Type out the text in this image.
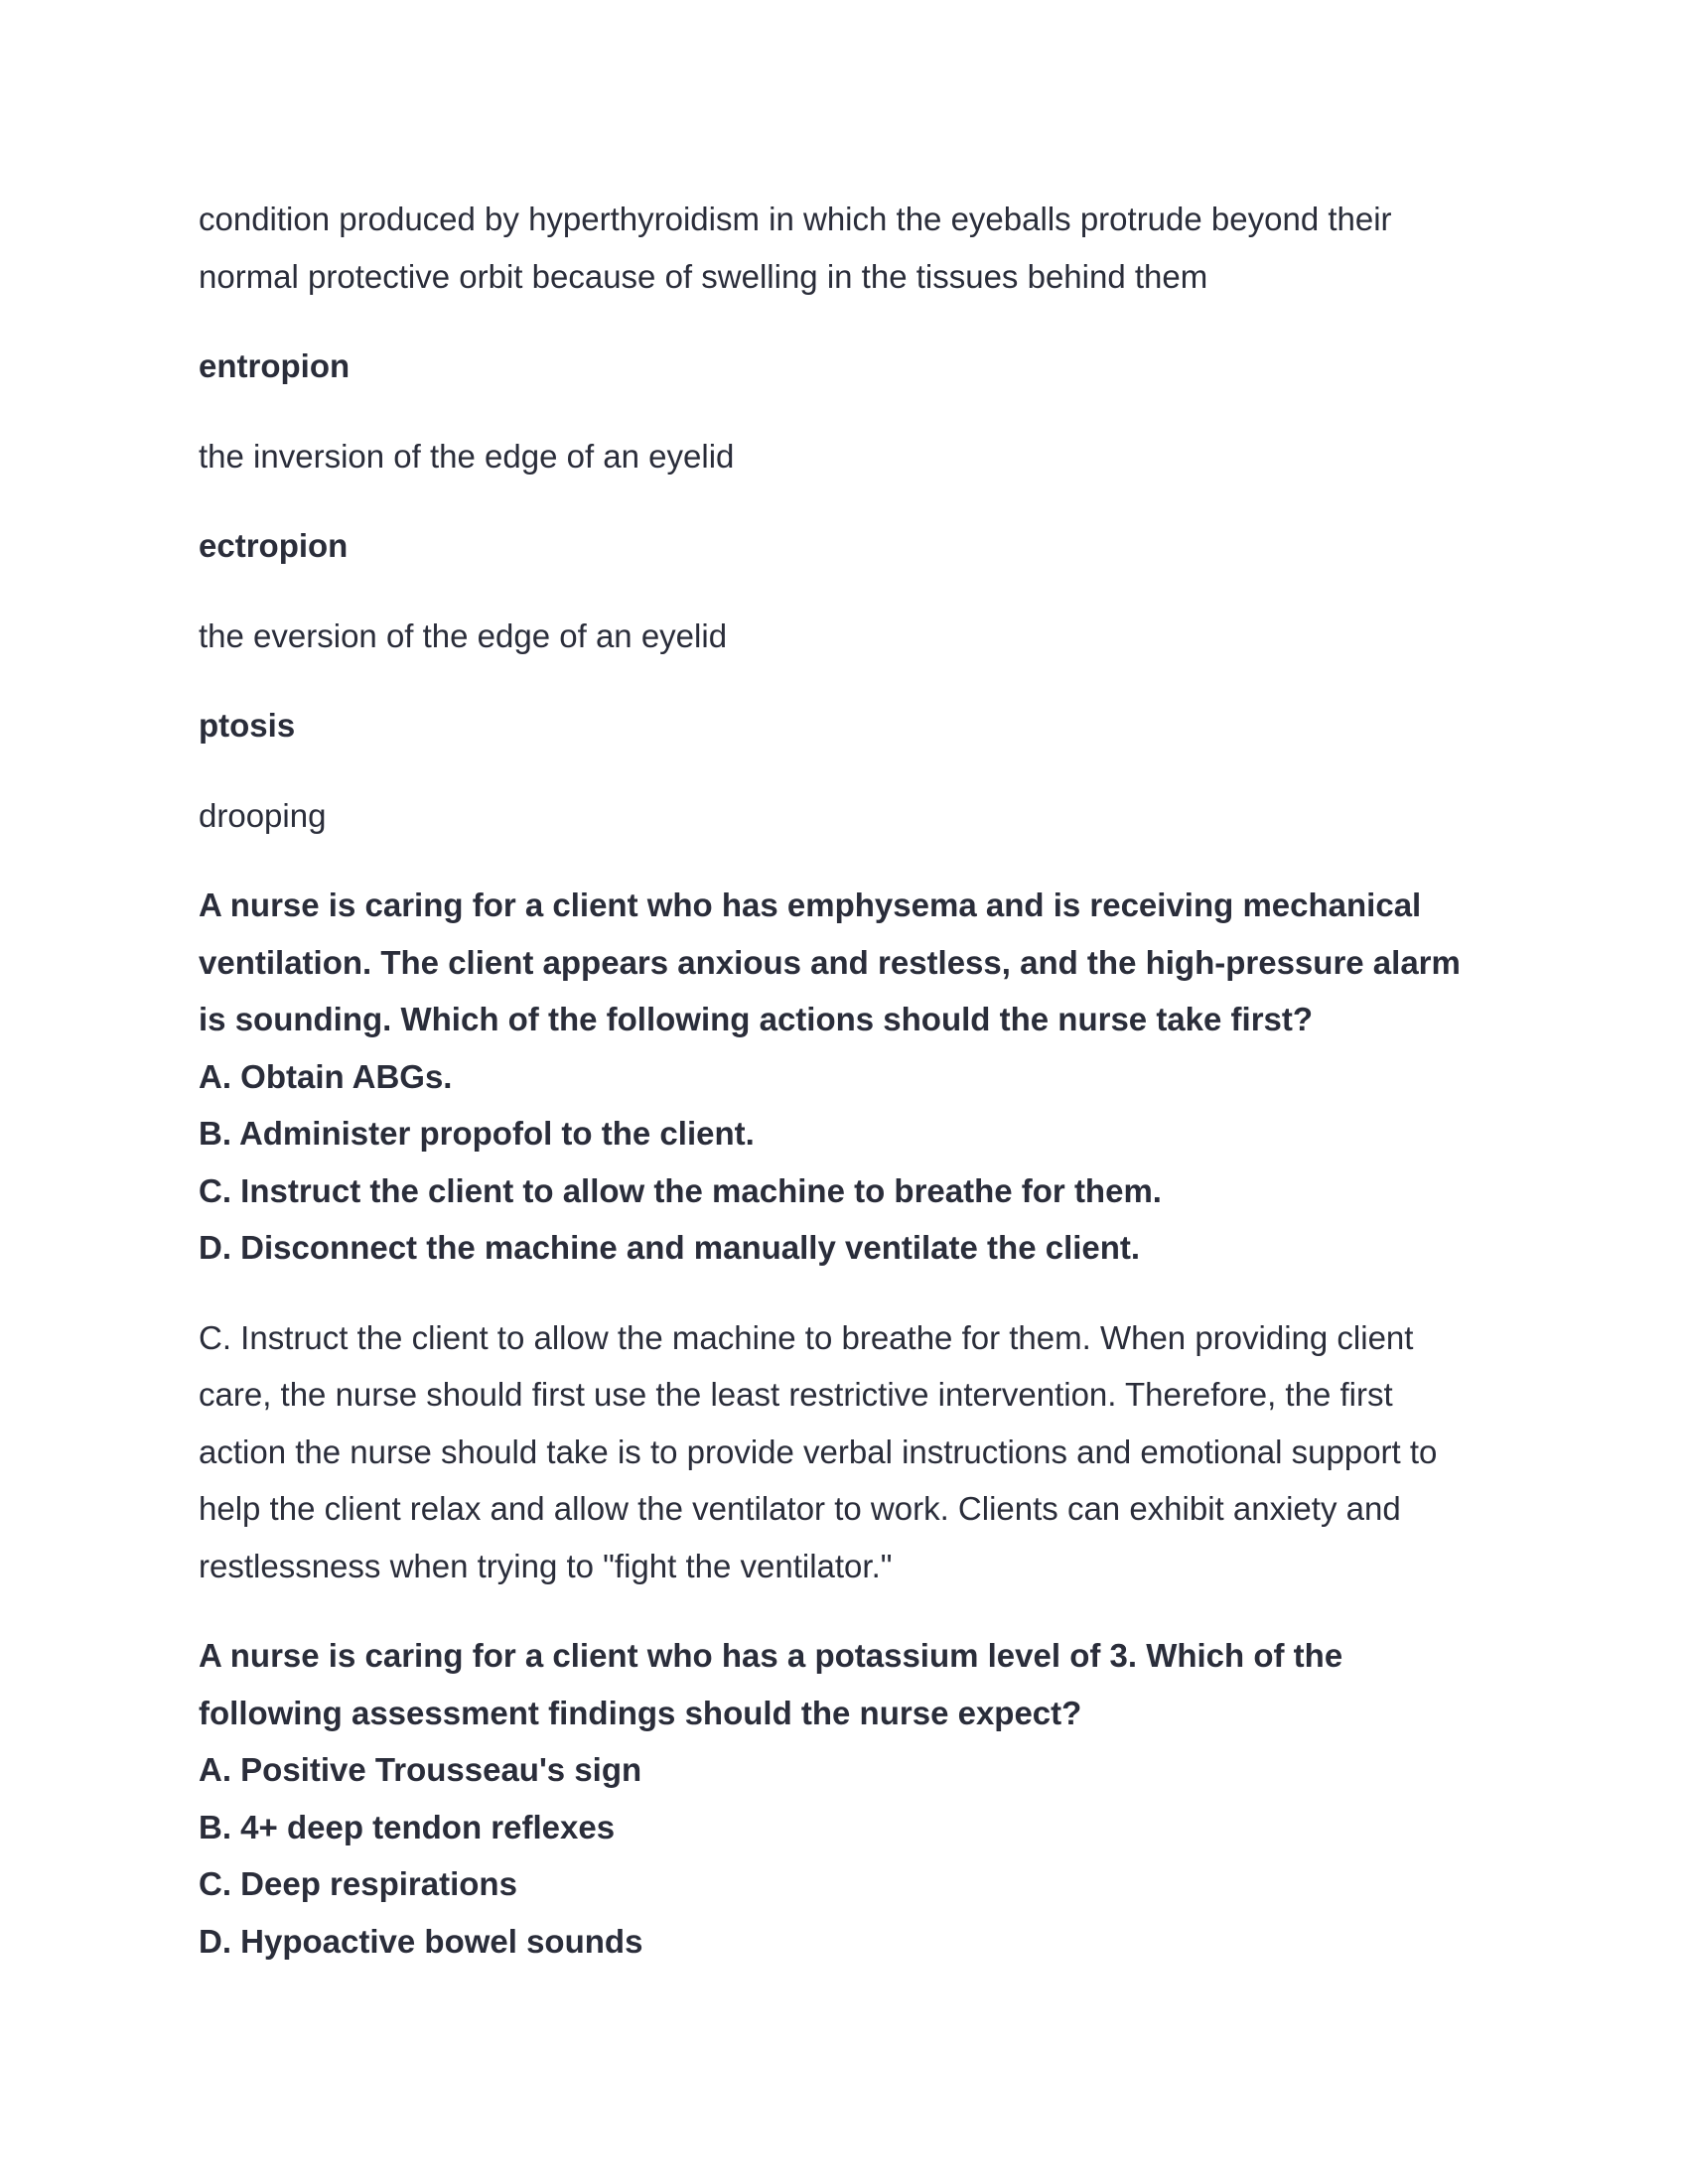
condition produced by hyperthyroidism in which the eyeballs protrude beyond their

normal protective orbit because of swelling in the tissues behind them

entropion

the inversion of the edge of an eyelid

ectropion

the eversion of the edge of an eyelid

ptosis

drooping

A nurse is caring for a client who has emphysema and is receiving mechanical

ventilation. The client appears anxious and restless, and the high-pressure alarm

is sounding. Which of the following actions should the nurse take first?

A. Obtain ABGs.

B. Administer propofol to the client.

C. Instruct the client to allow the machine to breathe for them.

D. Disconnect the machine and manually ventilate the client.

C. Instruct the client to allow the machine to breathe for them. When providing client

care, the nurse should first use the least restrictive intervention. Therefore, the first

action the nurse should take is to provide verbal instructions and emotional support to

help the client relax and allow the ventilator to work. Clients can exhibit anxiety and

restlessness when trying to "fight the ventilator."

A nurse is caring for a client who has a potassium level of 3. Which of the

following assessment findings should the nurse expect?

A. Positive Trousseau's sign

B. 4+ deep tendon reflexes

C. Deep respirations

D. Hypoactive bowel sounds
